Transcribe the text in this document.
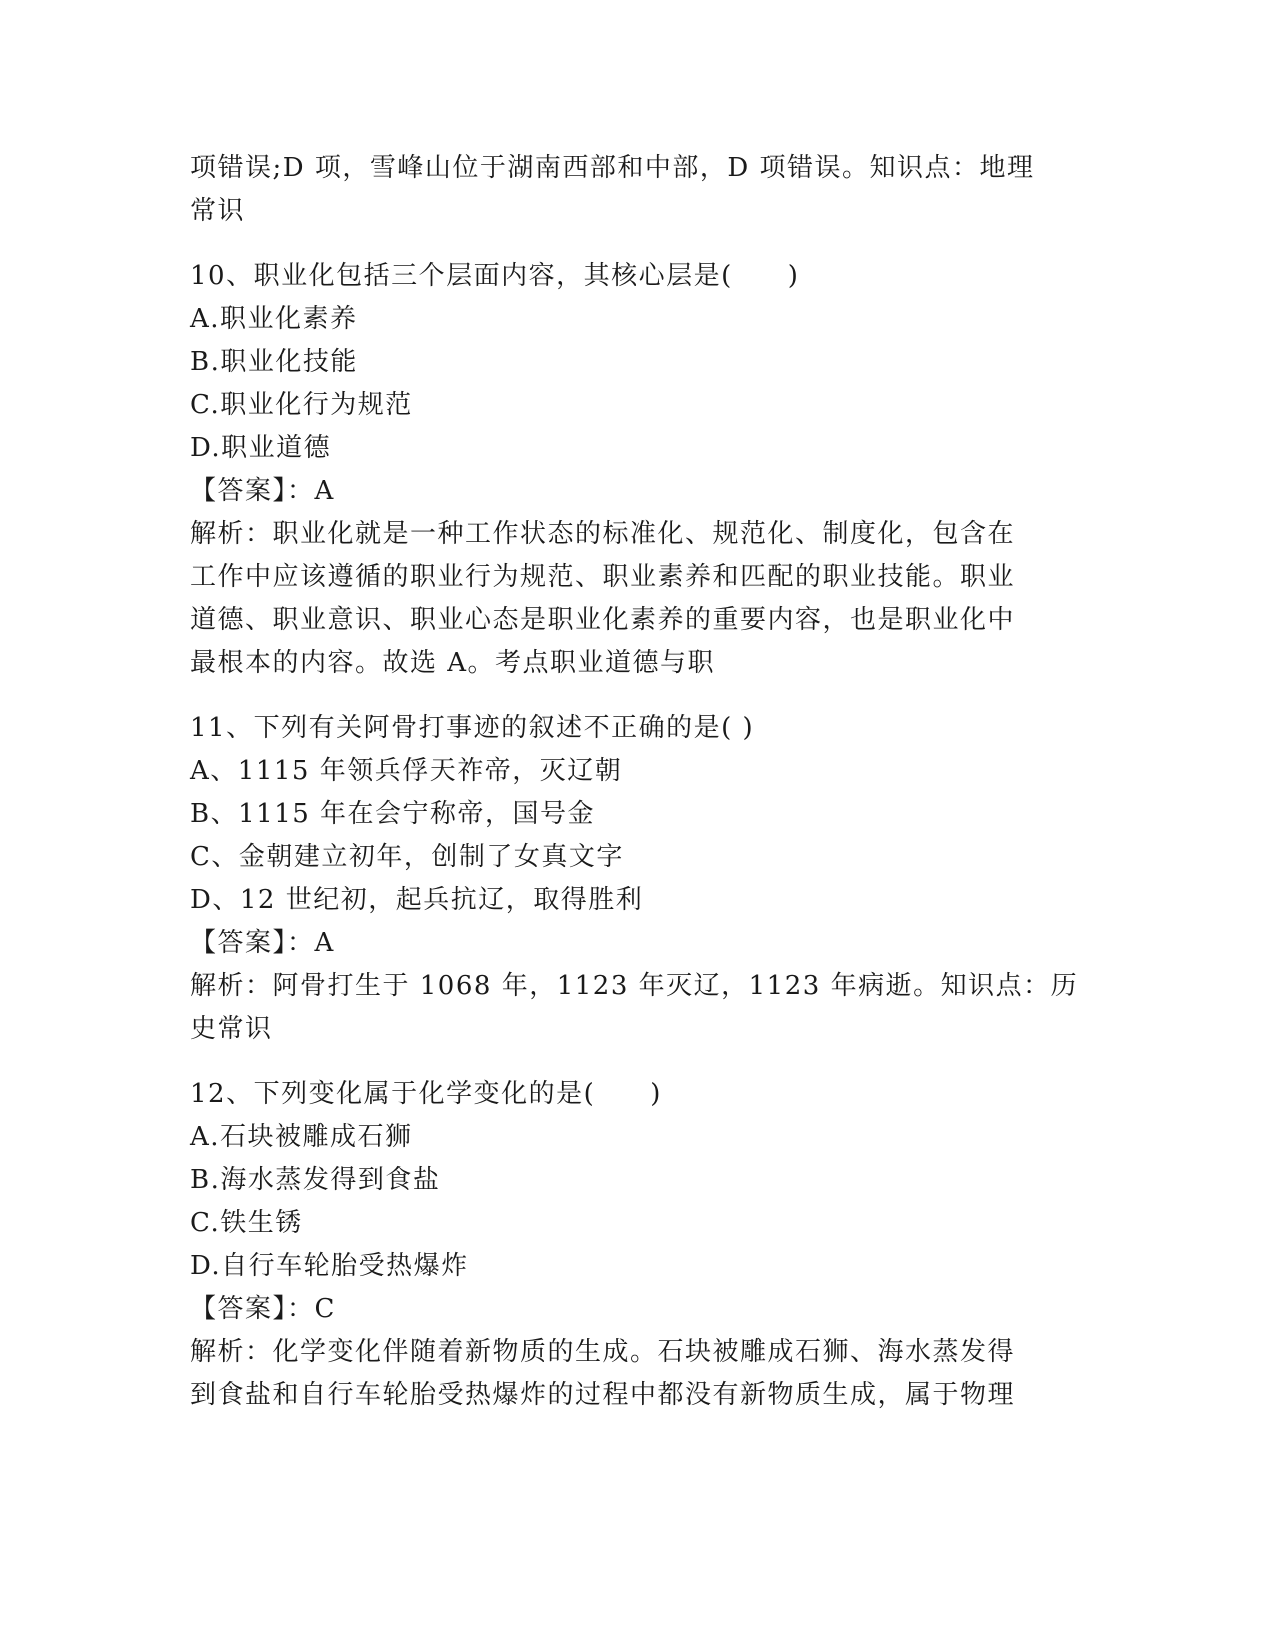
项错误;D 项，雪峰山位于湖南西部和中部，D 项错误。知识点：地理
常识
10、职业化包括三个层面内容，其核心层是(　　)
A.职业化素养
B.职业化技能
C.职业化行为规范
D.职业道德
【答案】：A
解析：职业化就是一种工作状态的标准化、规范化、制度化，包含在
工作中应该遵循的职业行为规范、职业素养和匹配的职业技能。职业
道德、职业意识、职业心态是职业化素养的重要内容，也是职业化中
最根本的内容。故选 A。考点职业道德与职
11、下列有关阿骨打事迹的叙述不正确的是( )
A、1115 年领兵俘天祚帝，灭辽朝
B、1115 年在会宁称帝，国号金
C、金朝建立初年，创制了女真文字
D、12 世纪初，起兵抗辽，取得胜利
【答案】：A
解析：阿骨打生于 1068 年，1123 年灭辽，1123 年病逝。知识点：历
史常识
12、下列变化属于化学变化的是(　　)
A.石块被雕成石狮
B.海水蒸发得到食盐
C.铁生锈
D.自行车轮胎受热爆炸
【答案】：C
解析：化学变化伴随着新物质的生成。石块被雕成石狮、海水蒸发得
到食盐和自行车轮胎受热爆炸的过程中都没有新物质生成，属于物理
